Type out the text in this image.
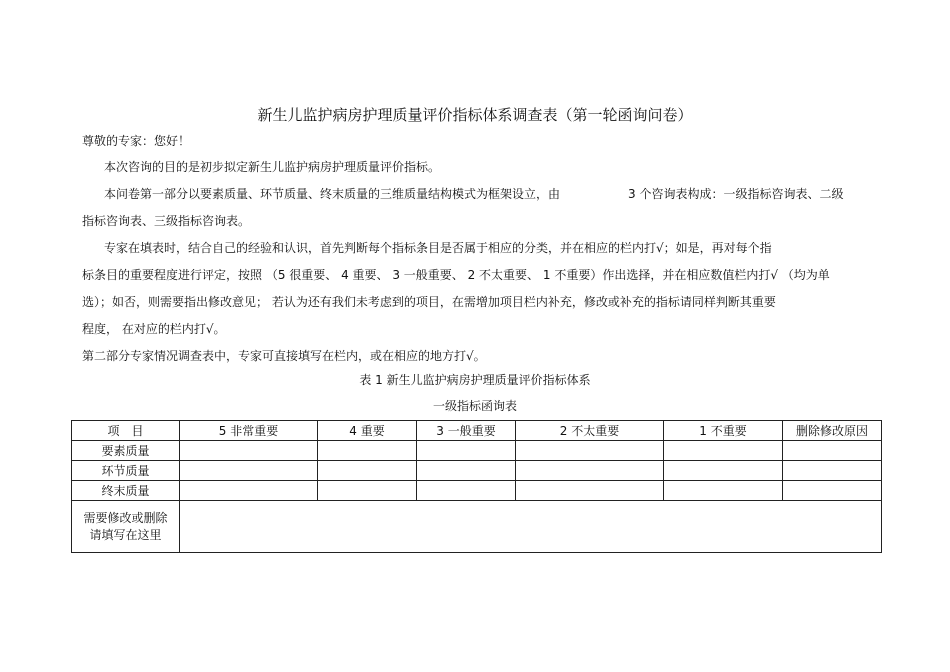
新生儿监护病房护理质量评价指标体系调查表（第一轮函询问卷）
尊敬的专家：您好！
本次咨询的目的是初步拟定新生儿监护病房护理质量评价指标。
本问卷第一部分以要素质量、环节质量、终末质量的三维质量结构模式为框架设立，由	3 个咨询表构成：一级指标咨询表、二级
指标咨询表、三级指标咨询表。
专家在填表时，结合自己的经验和认识，首先判断每个指标条目是否属于相应的分类，并在相应的栏内打√；如是，再对每个指
标条目的重要程度进行评定，按照 （5 很重要、 4 重要、 3 一般重要、 2 不太重要、 1 不重要）作出选择，并在相应数值栏内打√ （均为单
选）；如否，则需要指出修改意见； 若认为还有我们未考虑到的项目，在需增加项目栏内补充，修改或补充的指标请同样判断其重要
程度， 在对应的栏内打√。
第二部分专家情况调查表中，专家可直接填写在栏内，或在相应的地方打√。
表 1 新生儿监护病房护理质量评价指标体系
一级指标函询表
项　目	5 非常重要	4 重要	3 一般重要	2 不太重要	1 不重要	删除修改原因
要素质量						
环节质量						
终末质量						

需要修改或删除
请填写在这里						
